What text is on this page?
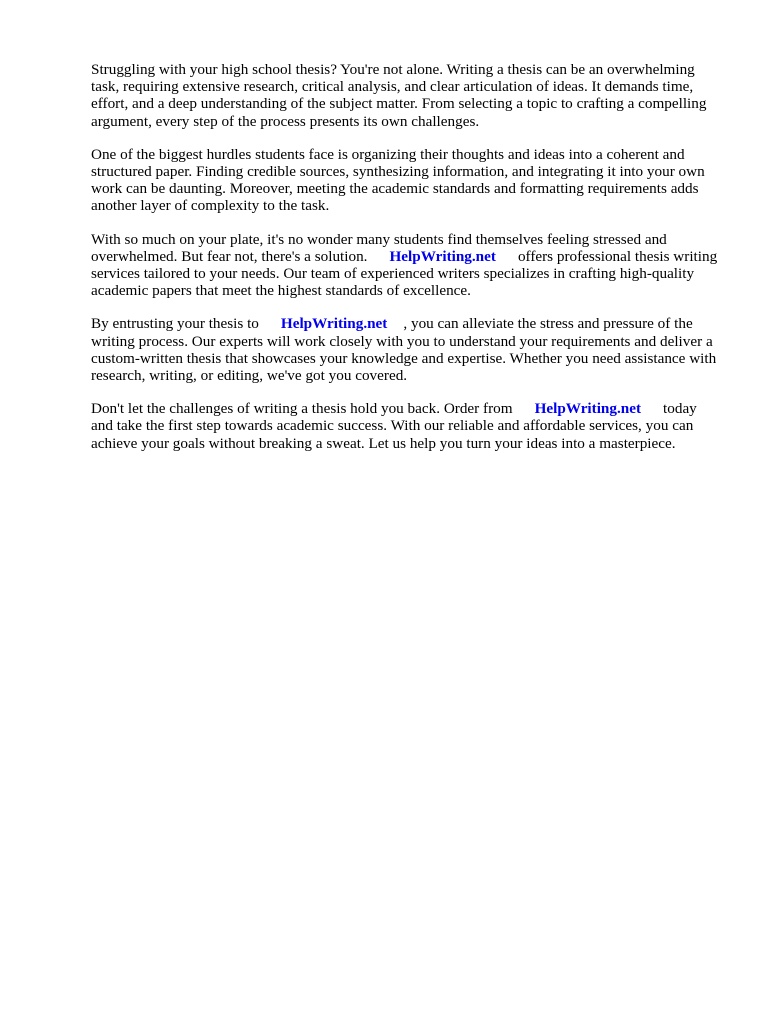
Struggling with your high school thesis? You're not alone. Writing a thesis can be an overwhelming task, requiring extensive research, critical analysis, and clear articulation of ideas. It demands time, effort, and a deep understanding of the subject matter. From selecting a topic to crafting a compelling argument, every step of the process presents its own challenges.

One of the biggest hurdles students face is organizing their thoughts and ideas into a coherent and structured paper. Finding credible sources, synthesizing information, and integrating it into your own work can be daunting. Moreover, meeting the academic standards and formatting requirements adds another layer of complexity to the task.

With so much on your plate, it's no wonder many students find themselves feeling stressed and overwhelmed. But fear not, there's a solution. HelpWriting.net offers professional thesis writing services tailored to your needs. Our team of experienced writers specializes in crafting high-quality academic papers that meet the highest standards of excellence.

By entrusting your thesis to HelpWriting.net , you can alleviate the stress and pressure of the writing process. Our experts will work closely with you to understand your requirements and deliver a custom-written thesis that showcases your knowledge and expertise. Whether you need assistance with research, writing, or editing, we've got you covered.

Don't let the challenges of writing a thesis hold you back. Order from HelpWriting.net today and take the first step towards academic success. With our reliable and affordable services, you can achieve your goals without breaking a sweat. Let us help you turn your ideas into a masterpiece.
